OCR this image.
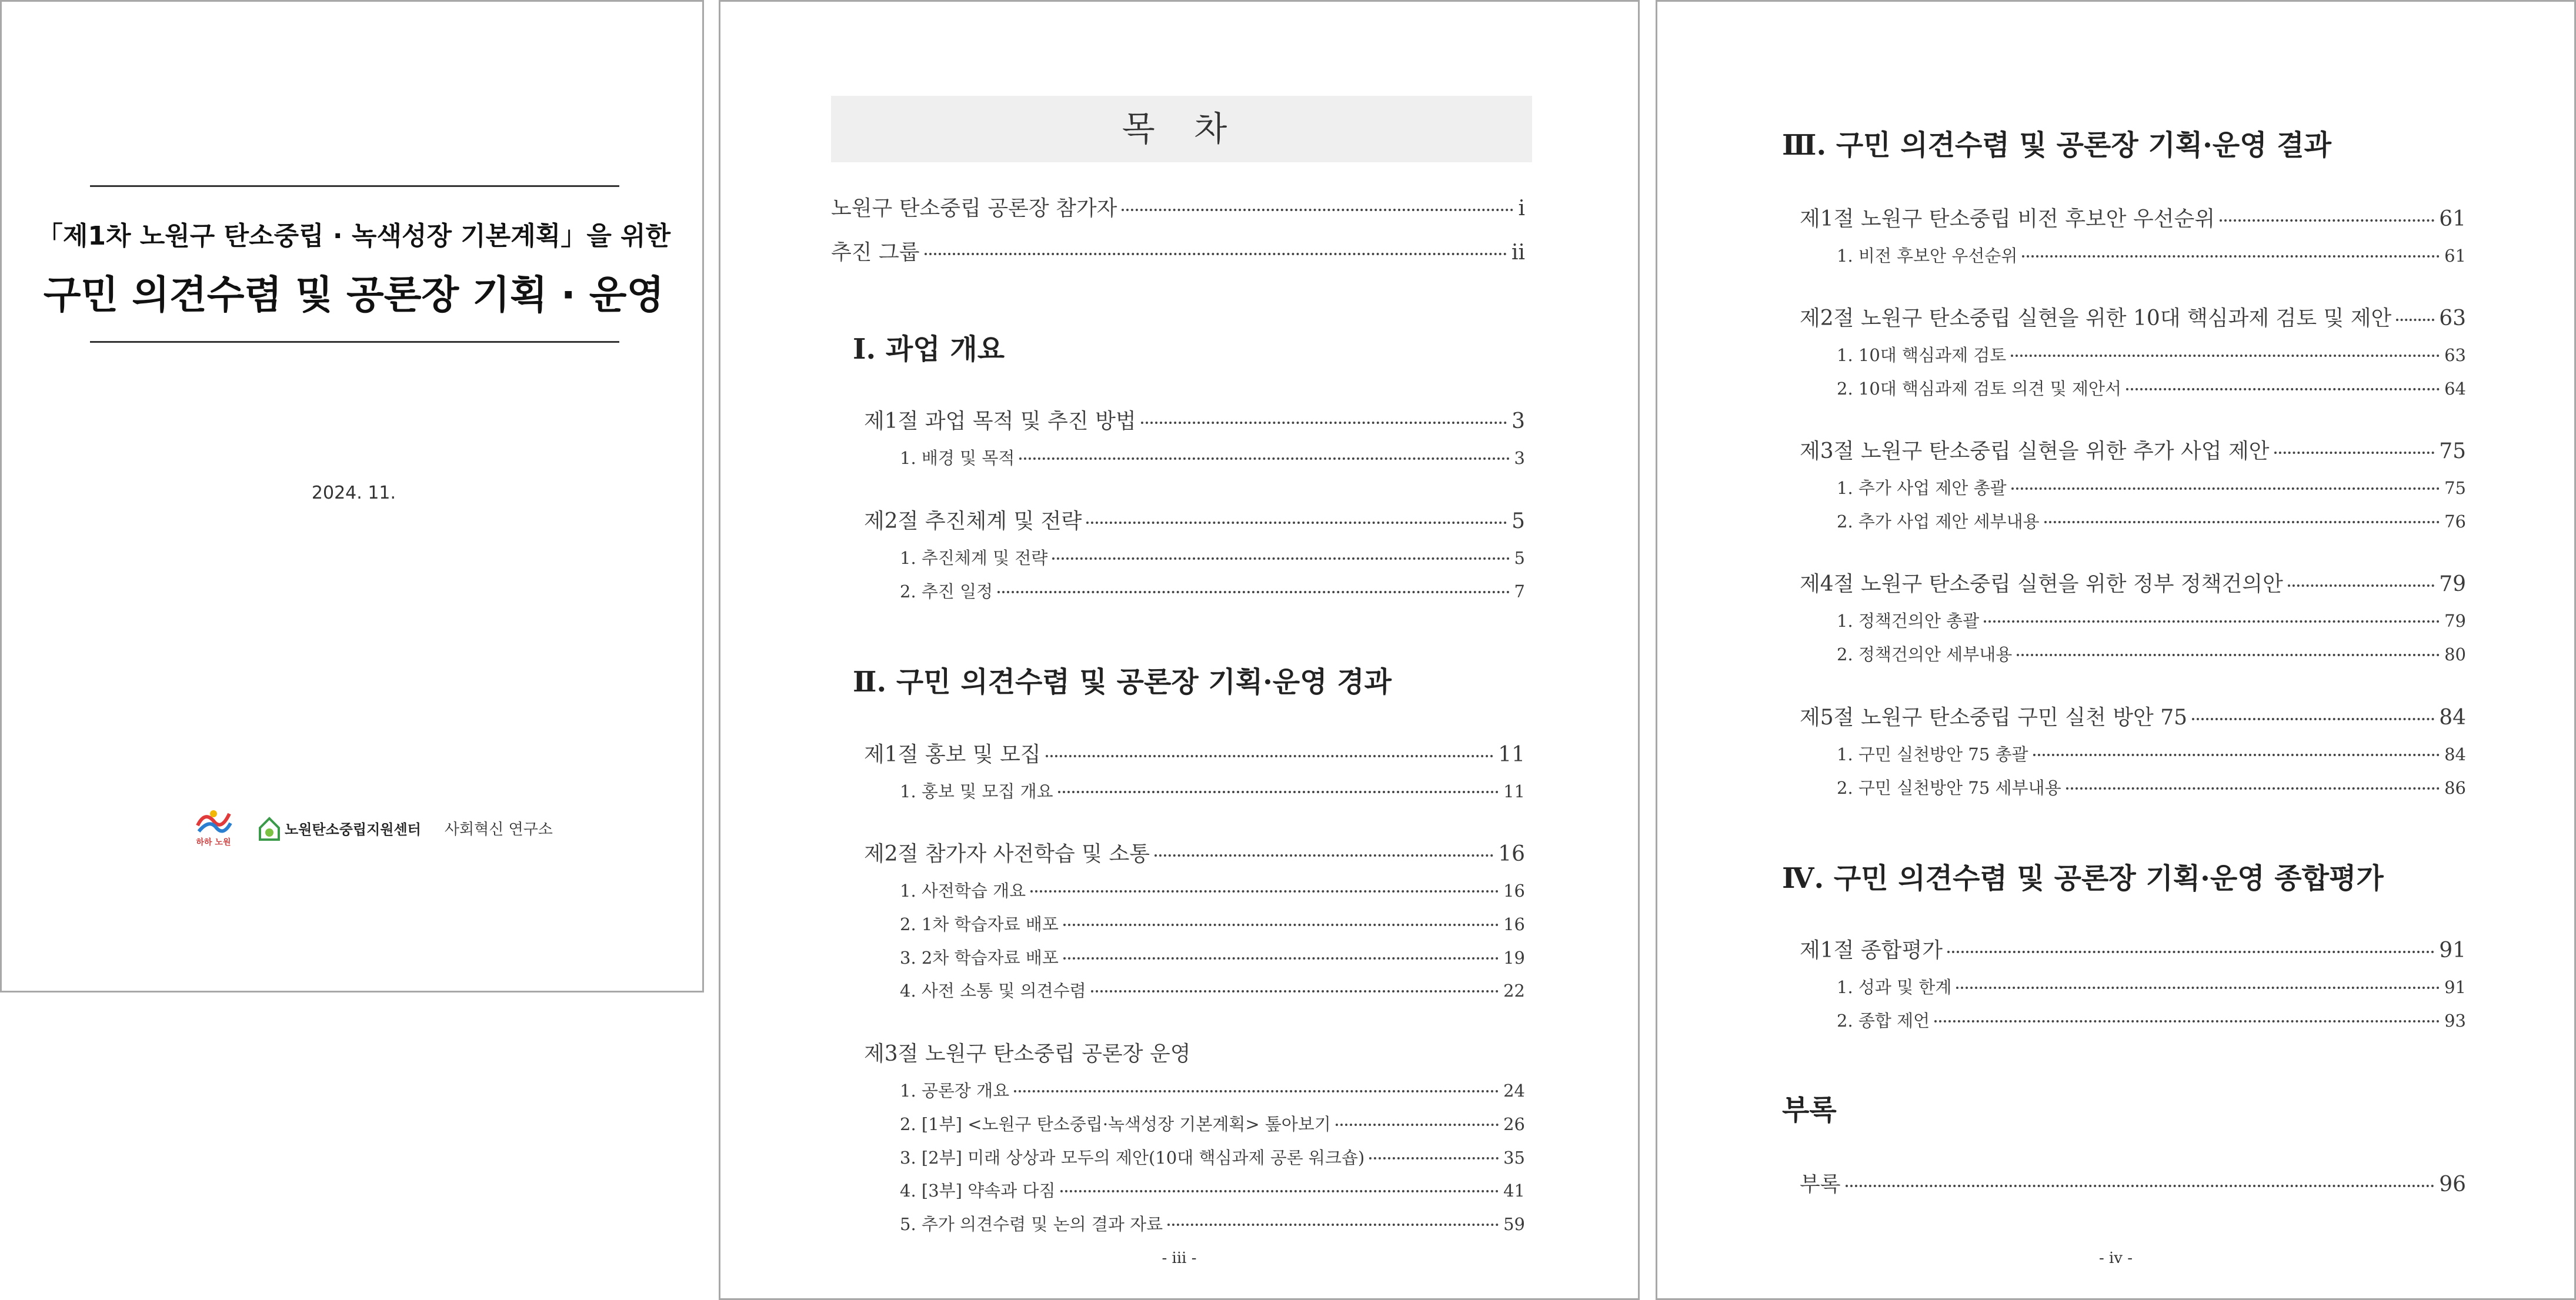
「제1차 노원구 탄소중립 · 녹색성장 기본계획」을 위한
구민 의견수렴 및 공론장 기획 · 운영
2024. 11.
하하 노원
노원탄소중립지원센터 사회혁신 연구소
목 차
노원구 탄소중립 공론장 참가자	i
추진 그룹	ii
Ⅰ. 과업 개요
제1절 과업 목적 및 추진 방법	3
1. 배경 및 목적	3
제2절 추진체계 및 전략	5
1. 추진체계 및 전략	5
2. 추진 일정	7
Ⅱ. 구민 의견수렴 및 공론장 기획·운영 경과
제1절 홍보 및 모집	11
1. 홍보 및 모집 개요	11
제2절 참가자 사전학습 및 소통	16
1. 사전학습 개요	16
2. 1차 학습자료 배포	16
3. 2차 학습자료 배포	19
4. 사전 소통 및 의견수렴	22
제3절 노원구 탄소중립 공론장 운영
1. 공론장 개요	24
2. [1부] <노원구 탄소중립·녹색성장 기본계획> 톺아보기	26
3. [2부] 미래 상상과 모두의 제안(10대 핵심과제 공론 워크숍)	35
4. [3부] 약속과 다짐	41
5. 추가 의견수렴 및 논의 결과 자료	59
- iii -
Ⅲ. 구민 의견수렴 및 공론장 기획·운영 결과
제1절 노원구 탄소중립 비전 후보안 우선순위	61
1. 비전 후보안 우선순위	61
제2절 노원구 탄소중립 실현을 위한 10대 핵심과제 검토 및 제안 63
1. 10대 핵심과제 검토	63
2. 10대 핵심과제 검토 의견 및 제안서	64
제3절 노원구 탄소중립 실현을 위한 추가 사업 제안	75
1. 추가 사업 제안 총괄	75
2. 추가 사업 제안 세부내용	76
제4절 노원구 탄소중립 실현을 위한 정부 정책건의안	79
1. 정책건의안 총괄	79
2. 정책건의안 세부내용	80
제5절 노원구 탄소중립 구민 실천 방안 75	84
1. 구민 실천방안 75 총괄	84
2. 구민 실천방안 75 세부내용	86
Ⅳ. 구민 의견수렴 및 공론장 기획·운영 종합평가
제1절 종합평가	91
1. 성과 및 한계	91
2. 종합 제언	93
부록
부록	96
- iv -
